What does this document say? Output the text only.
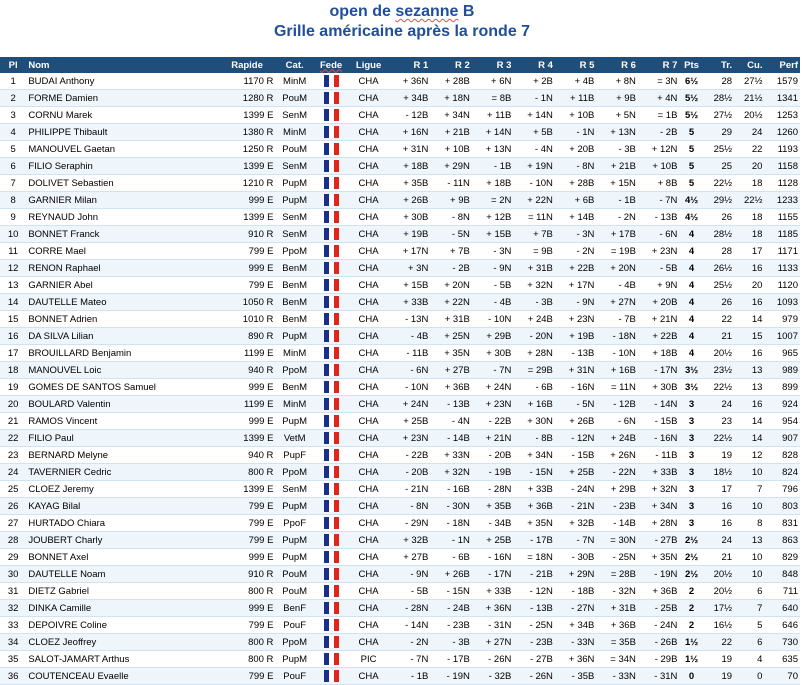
open de sezanne B
Grille américaine après la ronde 7
Pl	Nom	Rapide	Cat.	Fede	Ligue	R 1	R 2	R 3	R 4	R 5	R 6	R 7	Pts	Tr.	Cu.	Perf
1	BUDAI Anthony	1170 R	MinM		CHA	+ 36N	+ 28B	+ 6N	+ 2B	+ 4B	+ 8N	= 3N	6½	28	27½	1579
2	FORME Damien	1280 R	PouM		CHA	+ 34B	+ 18N	= 8B	- 1N	+ 11B	+ 9B	+ 4N	5½	28½	21½	1341
3	CORNU Marek	1399 E	SenM		CHA	- 12B	+ 34N	+ 11B	+ 14N	+ 10B	+ 5N	= 1B	5½	27½	20½	1253
4	PHILIPPE Thibault	1380 R	MinM		CHA	+ 16N	+ 21B	+ 14N	+ 5B	- 1N	+ 13N	- 2B	5	29	24	1260
5	MANOUVEL Gaetan	1250 R	PouM		CHA	+ 31N	+ 10B	+ 13N	- 4N	+ 20B	- 3B	+ 12N	5	25½	22	1193
6	FILIO Seraphin	1399 E	SenM		CHA	+ 18B	+ 29N	- 1B	+ 19N	- 8N	+ 21B	+ 10B	5	25	20	1158
7	DOLIVET Sebastien	1210 R	PupM		CHA	+ 35B	- 11N	+ 18B	- 10N	+ 28B	+ 15N	+ 8B	5	22½	18	1128
8	GARNIER Milan	999 E	PupM		CHA	+ 26B	+ 9B	= 2N	+ 22N	+ 6B	- 1B	- 7N	4½	29½	22½	1233
9	REYNAUD John	1399 E	SenM		CHA	+ 30B	- 8N	+ 12B	= 11N	+ 14B	- 2N	- 13B	4½	26	18	1155
10	BONNET Franck	910 R	SenM		CHA	+ 19B	- 5N	+ 15B	+ 7B	- 3N	+ 17B	- 6N	4	28½	18	1185
11	CORRE Mael	799 E	PpoM		CHA	+ 17N	+ 7B	- 3N	= 9B	- 2N	= 19B	+ 23N	4	28	17	1171
12	RENON Raphael	999 E	BenM		CHA	+ 3N	- 2B	- 9N	+ 31B	+ 22B	+ 20N	- 5B	4	26½	16	1133
13	GARNIER Abel	799 E	BenM		CHA	+ 15B	+ 20N	- 5B	+ 32N	+ 17N	- 4B	+ 9N	4	25½	20	1120
14	DAUTELLE Mateo	1050 R	BenM		CHA	+ 33B	+ 22N	- 4B	- 3B	- 9N	+ 27N	+ 20B	4	26	16	1093
15	BONNET Adrien	1010 R	BenM		CHA	- 13N	+ 31B	- 10N	+ 24B	+ 23N	- 7B	+ 21N	4	22	14	979
16	DA SILVA Lilian	890 R	PupM		CHA	- 4B	+ 25N	+ 29B	- 20N	+ 19B	- 18N	+ 22B	4	21	15	1007
17	BROUILLARD Benjamin	1199 E	MinM		CHA	- 11B	+ 35N	+ 30B	+ 28N	- 13B	- 10N	+ 18B	4	20½	16	965
18	MANOUVEL Loic	940 R	PpoM		CHA	- 6N	+ 27B	- 7N	= 29B	+ 31N	+ 16B	- 17N	3½	23½	13	989
19	GOMES DE SANTOS Samuel	999 E	BenM		CHA	- 10N	+ 36B	+ 24N	- 6B	- 16N	= 11N	+ 30B	3½	22½	13	899
20	BOULARD Valentin	1199 E	MinM		CHA	+ 24N	- 13B	+ 23N	+ 16B	- 5N	- 12B	- 14N	3	24	16	924
21	RAMOS Vincent	999 E	PupM		CHA	+ 25B	- 4N	- 22B	+ 30N	+ 26B	- 6N	- 15B	3	23	14	954
22	FILIO Paul	1399 E	VetM		CHA	+ 23N	- 14B	+ 21N	- 8B	- 12N	+ 24B	- 16N	3	22½	14	907
23	BERNARD Melyne	940 R	PupF		CHA	- 22B	+ 33N	- 20B	+ 34N	- 15B	+ 26N	- 11B	3	19	12	828
24	TAVERNIER Cedric	800 R	PpoM		CHA	- 20B	+ 32N	- 19B	- 15N	+ 25B	- 22N	+ 33B	3	18½	10	824
25	CLOEZ Jeremy	1399 E	SenM		CHA	- 21N	- 16B	- 28N	+ 33B	- 24N	+ 29B	+ 32N	3	17	7	796
26	KAYAG Bilal	799 E	PupM		CHA	- 8N	- 30N	+ 35B	+ 36B	- 21N	- 23B	+ 34N	3	16	10	803
27	HURTADO Chiara	799 E	PpoF		CHA	- 29N	- 18N	- 34B	+ 35N	+ 32B	- 14B	+ 28N	3	16	8	831
28	JOUBERT Charly	799 E	PupM		CHA	+ 32B	- 1N	+ 25B	- 17B	- 7N	= 30N	- 27B	2½	24	13	863
29	BONNET Axel	999 E	PupM		CHA	+ 27B	- 6B	- 16N	= 18N	- 30B	- 25N	+ 35N	2½	21	10	829
30	DAUTELLE Noam	910 R	PouM		CHA	- 9N	+ 26B	- 17N	- 21B	+ 29N	= 28B	- 19N	2½	20½	10	848
31	DIETZ Gabriel	800 R	PouM		CHA	- 5B	- 15N	+ 33B	- 12N	- 18B	- 32N	+ 36B	2	20½	6	711
32	DINKA Camille	999 E	BenF		CHA	- 28N	- 24B	+ 36N	- 13B	- 27N	+ 31B	- 25B	2	17½	7	640
33	DEPOIVRE Coline	799 E	PouF		CHA	- 14N	- 23B	- 31N	- 25N	+ 34B	+ 36B	- 24N	2	16½	5	646
34	CLOEZ Jeoffrey	800 R	PpoM		CHA	- 2N	- 3B	+ 27N	- 23B	- 33N	= 35B	- 26B	1½	22	6	730
35	SALOT-JAMART Arthus	800 R	PupM		PIC	- 7N	- 17B	- 26N	- 27B	+ 36N	= 34N	- 29B	1½	19	4	635
36	COUTENCEAU Evaelle	799 E	PouF		CHA	- 1B	- 19N	- 32B	- 26N	- 35B	- 33N	- 31N	0	19	0	70
